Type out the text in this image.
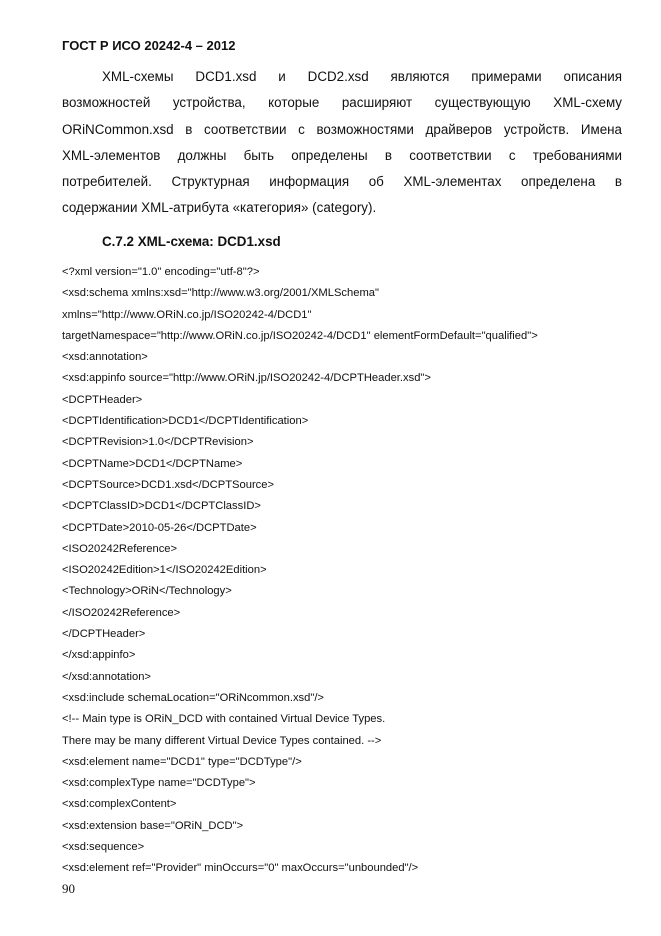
ГОСТ Р ИСО 20242-4 – 2012
XML-схемы DCD1.xsd и DCD2.xsd являются примерами описания
возможностей устройства, которые расширяют существующую XML-схему
ORiNCommon.xsd в соответствии с возможностями драйверов устройств. Имена
XML-элементов должны быть определены в соответствии с требованиями
потребителей. Структурная информация об XML-элементах определена в
содержании XML-атрибута «категория» (category).
C.7.2 XML-схема: DCD1.xsd
<?xml version="1.0" encoding="utf-8"?>
<xsd:schema xmlns:xsd="http://www.w3.org/2001/XMLSchema"
xmlns="http://www.ORiN.co.jp/ISO20242-4/DCD1"
targetNamespace="http://www.ORiN.co.jp/ISO20242-4/DCD1" elementFormDefault="qualified">
<xsd:annotation>
<xsd:appinfo source="http://www.ORiN.jp/ISO20242-4/DCPTHeader.xsd">
<DCPTHeader>
<DCPTIdentification>DCD1</DCPTIdentification>
<DCPTRevision>1.0</DCPTRevision>
<DCPTName>DCD1</DCPTName>
<DCPTSource>DCD1.xsd</DCPTSource>
<DCPTClassID>DCD1</DCPTClassID>
<DCPTDate>2010-05-26</DCPTDate>
<ISO20242Reference>
<ISO20242Edition>1</ISO20242Edition>
<Technology>ORiN</Technology>
</ISO20242Reference>
</DCPTHeader>
</xsd:appinfo>
</xsd:annotation>
<xsd:include schemaLocation="ORiNcommon.xsd"/>
<!-- Main type is ORiN_DCD with contained Virtual Device Types.
There may be many different Virtual Device Types contained. -->
<xsd:element name="DCD1" type="DCDType"/>
<xsd:complexType name="DCDType">
<xsd:complexContent>
<xsd:extension base="ORiN_DCD">
<xsd:sequence>
<xsd:element ref="Provider" minOccurs="0" maxOccurs="unbounded"/>
90
